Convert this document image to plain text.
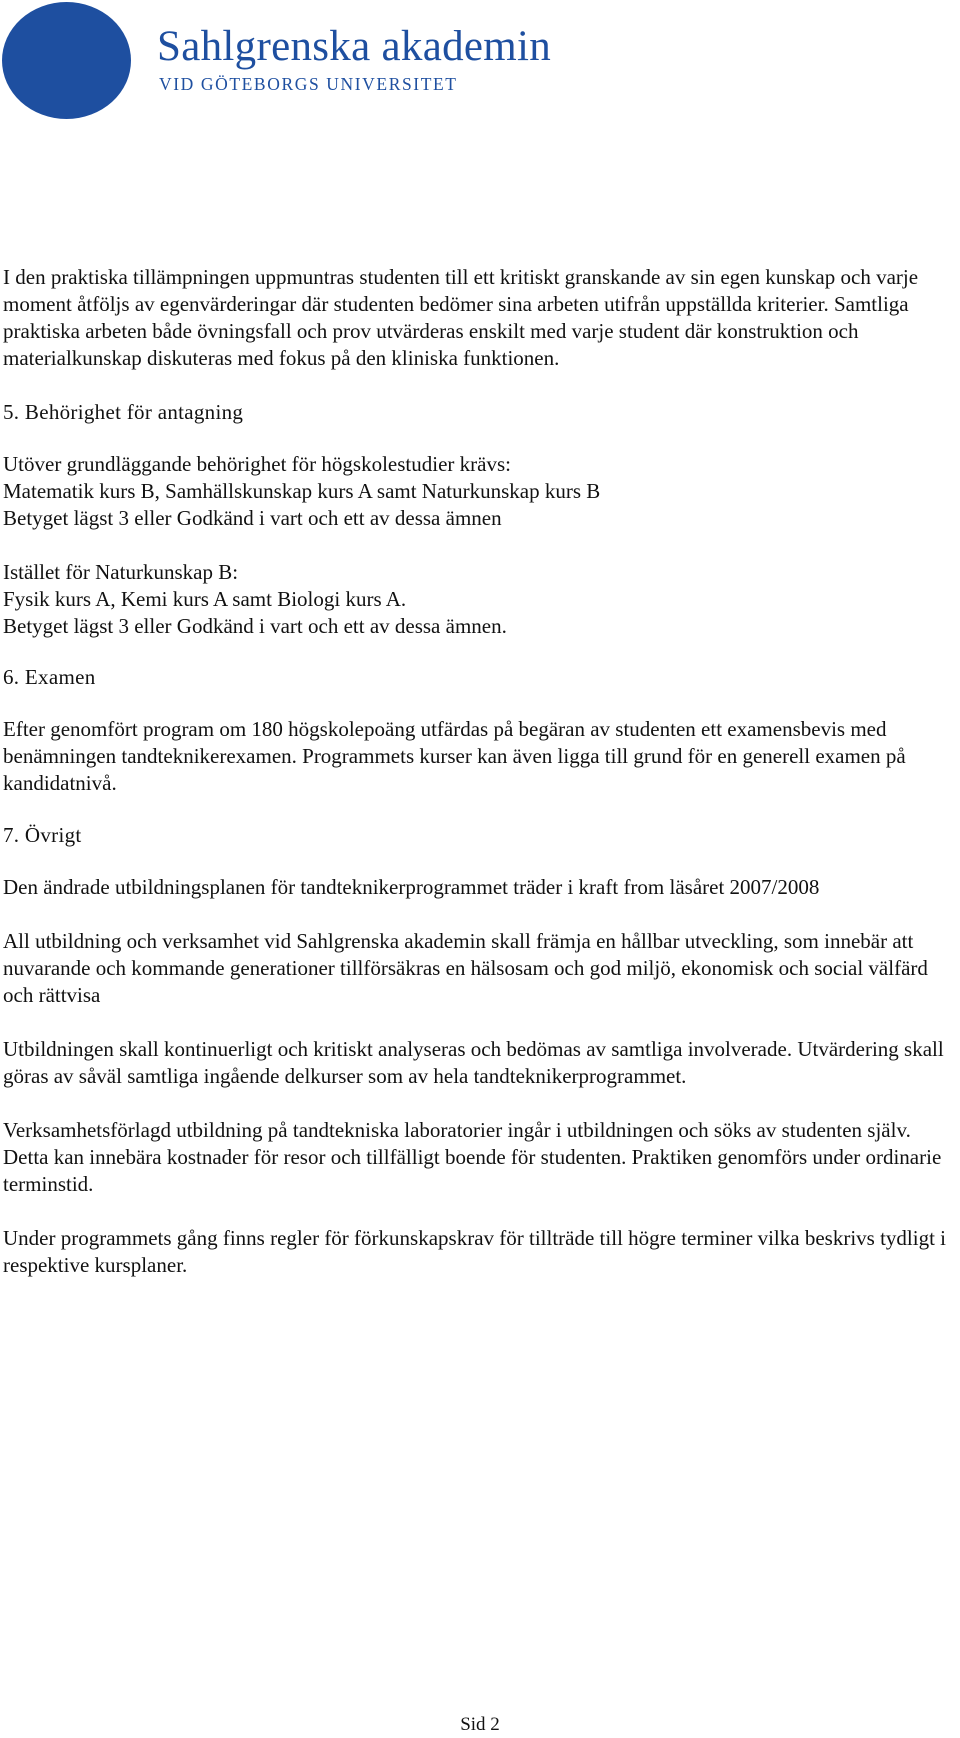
Sahlgrenska akademin
VID GÖTEBORGS UNIVERSITET

I den praktiska tillämpningen uppmuntras studenten till ett kritiskt granskande av sin egen kunskap och varje moment åtföljs av egenvärderingar där studenten bedömer sina arbeten utifrån uppställda kriterier. Samtliga praktiska arbeten både övningsfall och prov utvärderas enskilt med varje student där konstruktion och materialkunskap diskuteras med fokus på den kliniska funktionen.

5. Behörighet för antagning

Utöver grundläggande behörighet för högskolestudier krävs:

Matematik kurs B, Samhällskunskap kurs A samt Naturkunskap kurs B

Betyget lägst 3 eller Godkänd i vart och ett av dessa ämnen

Istället för Naturkunskap B:

Fysik kurs A, Kemi kurs A samt Biologi kurs A.

Betyget lägst 3 eller Godkänd i vart och ett av dessa ämnen.

6. Examen

Efter genomfört program om 180 högskolepoäng utfärdas på begäran av studenten ett examensbevis med benämningen tandteknikerexamen. Programmets kurser kan även ligga till grund för en generell examen på kandidatnivå.

7. Övrigt

Den ändrade utbildningsplanen för tandteknikerprogrammet träder i kraft from läsåret 2007/2008

All utbildning och verksamhet vid Sahlgrenska akademin skall främja en hållbar utveckling, som innebär att nuvarande och kommande generationer tillförsäkras en hälsosam och god miljö, ekonomisk och social välfärd och rättvisa

Utbildningen skall kontinuerligt och kritiskt analyseras och bedömas av samtliga involverade. Utvärdering skall göras av såväl samtliga ingående delkurser som av hela tandteknikerprogrammet.

Verksamhetsförlagd utbildning på tandtekniska laboratorier ingår i utbildningen och söks av studenten själv. Detta kan innebära kostnader för resor och tillfälligt boende för studenten. Praktiken genomförs under ordinarie terminstid.

Under programmets gång finns regler för förkunskapskrav för tillträde till högre terminer vilka beskrivs tydligt i respektive kursplaner.

Sid 2
